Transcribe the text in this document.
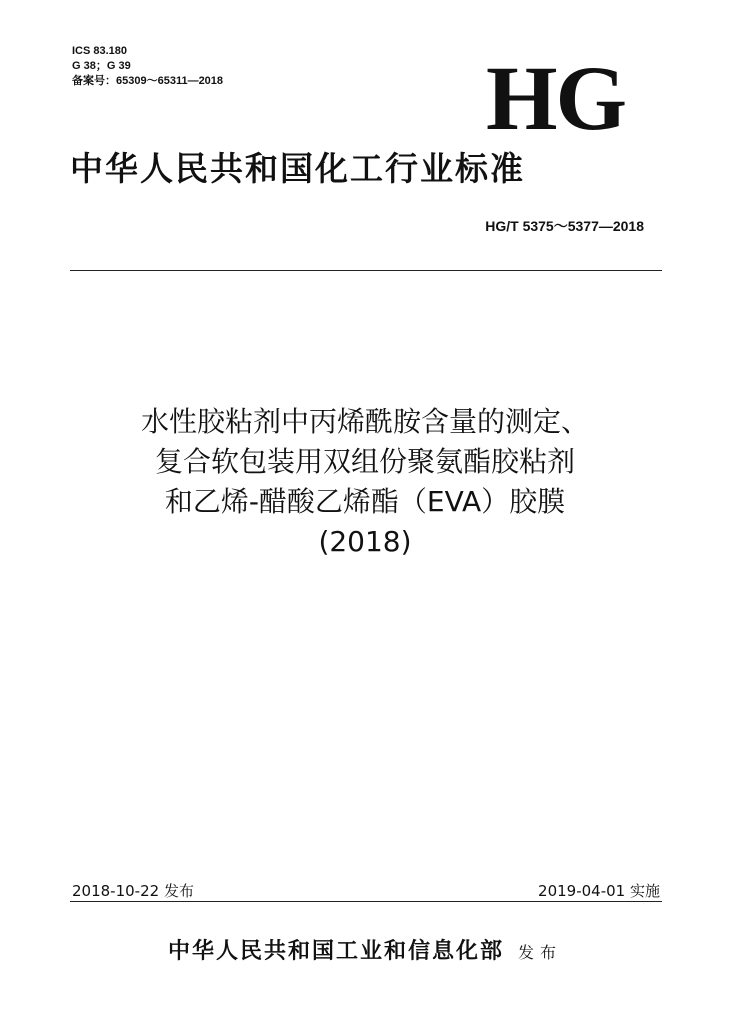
ICS 83.180
G 38；G 39
备案号：65309～65311—2018	HG
中华人民共和国化工行业标准
HG/T 5375～5377—2018
水性胶粘剂中丙烯酰胺含量的测定、
复合软包装用双组份聚氨酯胶粘剂
和乙烯-醋酸乙烯酯（EVA）胶膜
(2018)
2018-10-22 发布	2019-04-01 实施
中华人民共和国工业和信息化部 发布
